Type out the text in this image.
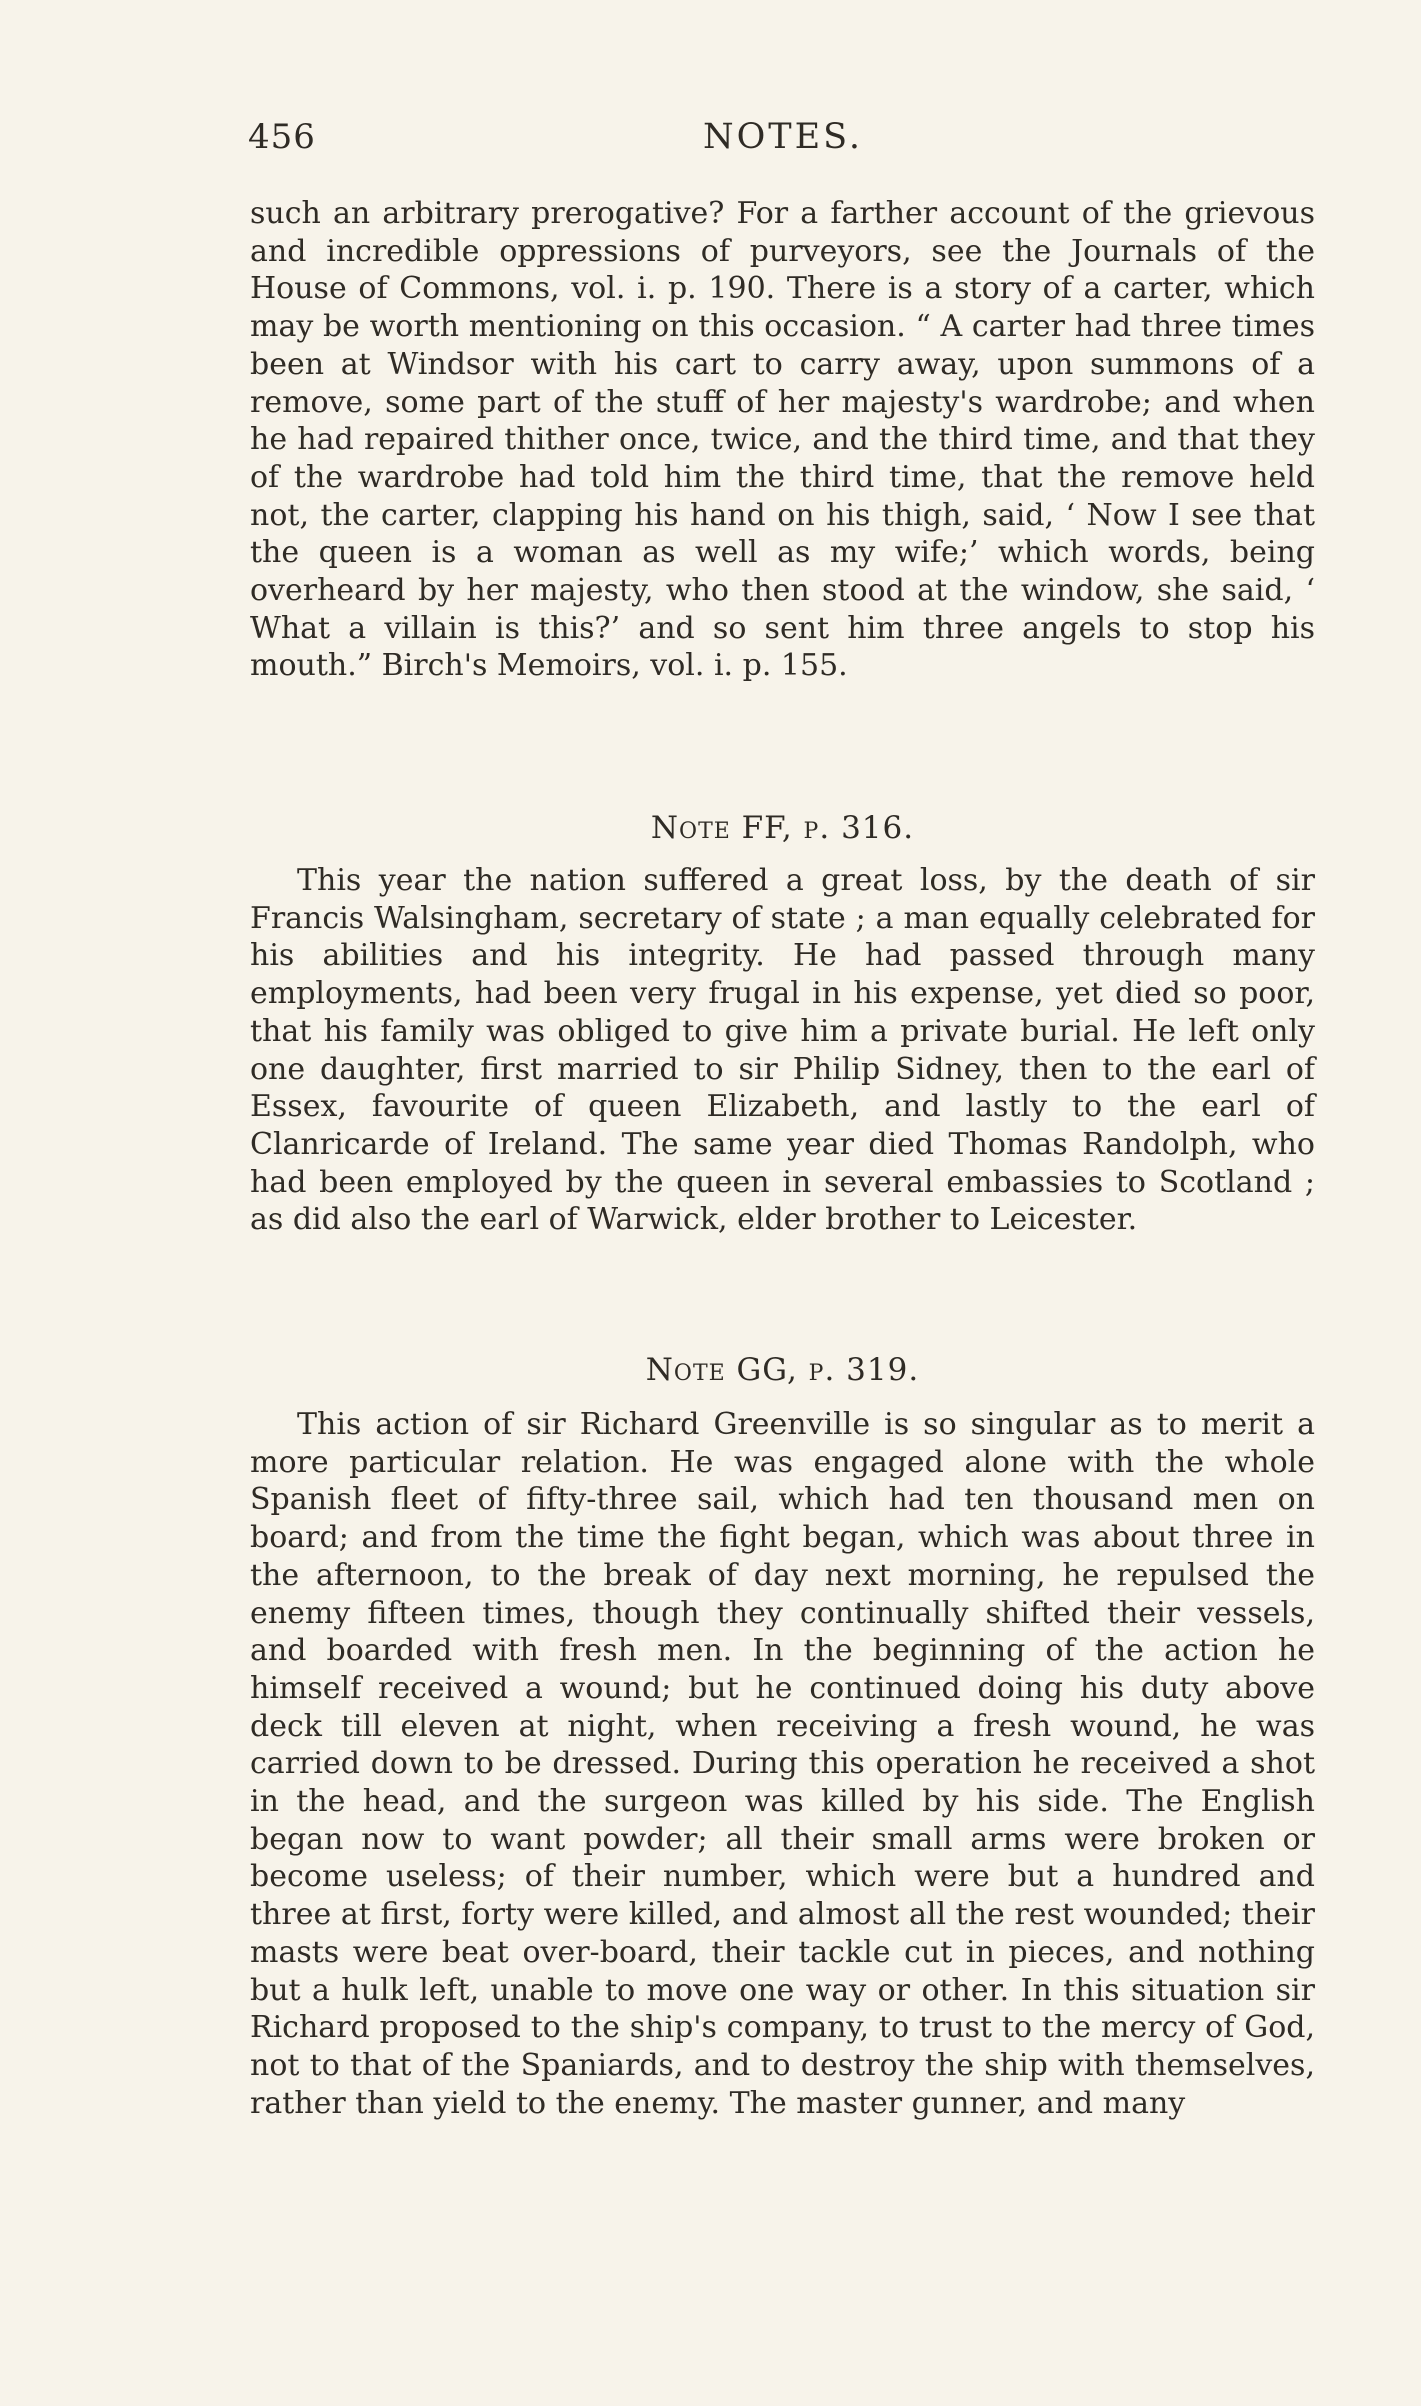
456	NOTES.

such an arbitrary prerogative? For a farther account of the grievous and incredible oppressions of purveyors, see the Journals of the House of Commons, vol. i. p. 190. There is a story of a carter, which may be worth mentioning on this occasion. “ A carter had three times been at Windsor with his cart to carry away, upon summons of a remove, some part of the stuff of her majesty's wardrobe; and when he had repaired thither once, twice, and the third time, and that they of the wardrobe had told him the third time, that the remove held not, the carter, clapping his hand on his thigh, said, ‘ Now I see that the queen is a woman as well as my wife;’ which words, being overheard by her majesty, who then stood at the window, she said, ‘ What a villain is this?’ and so sent him three angels to stop his mouth.” Birch's Memoirs, vol. i. p. 155.

Note FF, p. 316.

This year the nation suffered a great loss, by the death of sir Francis Walsingham, secretary of state ; a man equally celebrated for his abilities and his integrity. He had passed through many employments, had been very frugal in his expense, yet died so poor, that his family was obliged to give him a private burial. He left only one daughter, first married to sir Philip Sidney, then to the earl of Essex, favourite of queen Elizabeth, and lastly to the earl of Clanricarde of Ireland. The same year died Thomas Randolph, who had been employed by the queen in several embassies to Scotland ; as did also the earl of Warwick, elder brother to Leicester.

Note GG, p. 319.

This action of sir Richard Greenville is so singular as to merit a more particular relation. He was engaged alone with the whole Spanish fleet of fifty-three sail, which had ten thousand men on board; and from the time the fight began, which was about three in the afternoon, to the break of day next morning, he repulsed the enemy fifteen times, though they continually shifted their vessels, and boarded with fresh men. In the beginning of the action he himself received a wound; but he continued doing his duty above deck till eleven at night, when receiving a fresh wound, he was carried down to be dressed. During this operation he received a shot in the head, and the surgeon was killed by his side. The English began now to want powder; all their small arms were broken or become useless; of their number, which were but a hundred and three at first, forty were killed, and almost all the rest wounded; their masts were beat over-board, their tackle cut in pieces, and nothing but a hulk left, unable to move one way or other. In this situation sir Richard proposed to the ship's company, to trust to the mercy of God, not to that of the Spaniards, and to destroy the ship with themselves, rather than yield to the enemy. The master gunner, and many
